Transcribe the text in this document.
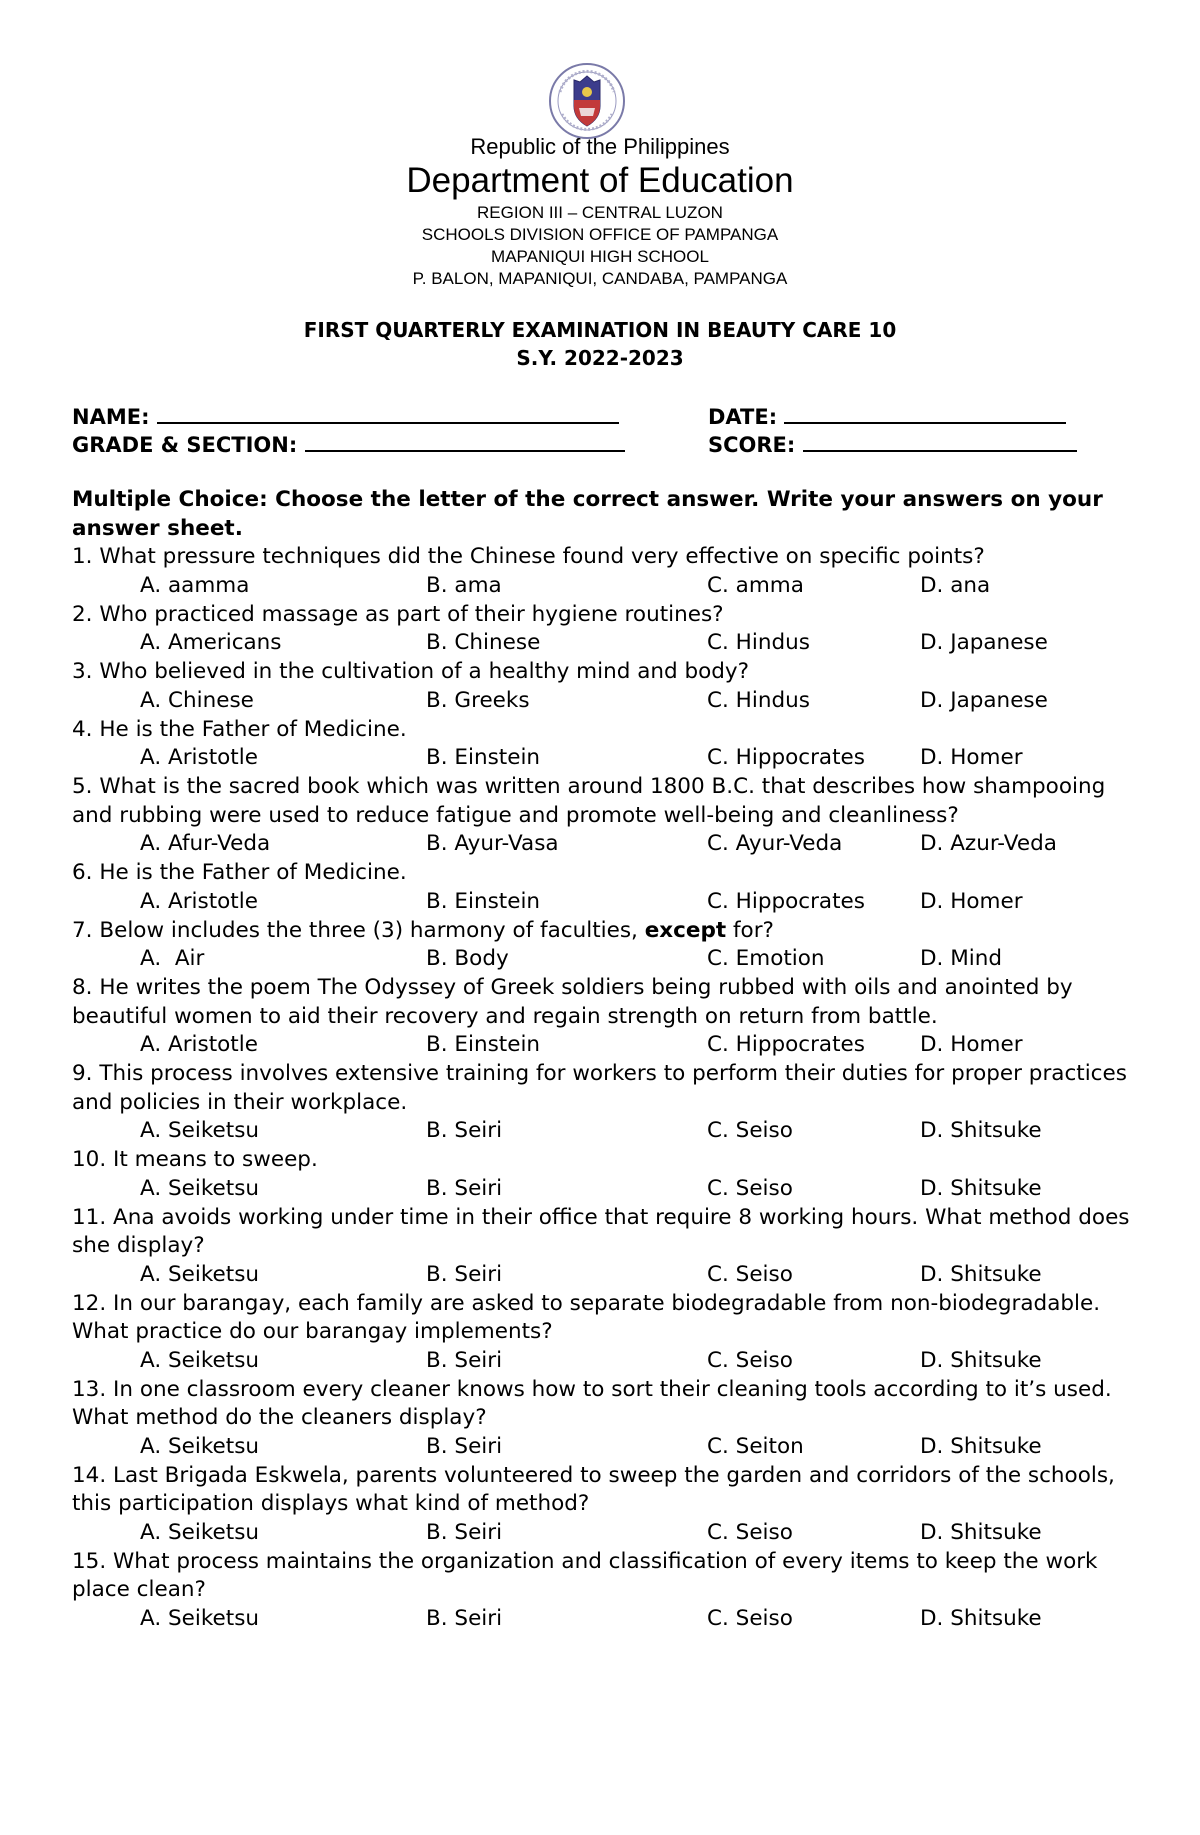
Republic of the Philippines
Department of Education
REGION III – CENTRAL LUZON
SCHOOLS DIVISION OFFICE OF PAMPANGA
MAPANIQUI HIGH SCHOOL
P. BALON, MAPANIQUI, CANDABA, PAMPANGA
FIRST QUARTERLY EXAMINATION IN BEAUTY CARE 10
S.Y. 2022-2023
NAME:	DATE:
GRADE & SECTION:	SCORE:
Multiple Choice: Choose the letter of the correct answer. Write your answers on your answer sheet.
1. What pressure techniques did the Chinese found very effective on specific points?
A. aamma	B. ama	C. amma	D. ana
2. Who practiced massage as part of their hygiene routines?
A. Americans	B. Chinese	C. Hindus	D. Japanese
3. Who believed in the cultivation of a healthy mind and body?
A. Chinese	B. Greeks	C. Hindus	D. Japanese
4. He is the Father of Medicine.
A. Aristotle	B. Einstein	C. Hippocrates	D. Homer
5. What is the sacred book which was written around 1800 B.C. that describes how shampooing and rubbing were used to reduce fatigue and promote well-being and cleanliness?
A. Afur-Veda	B. Ayur-Vasa	C. Ayur-Veda	D. Azur-Veda
6. He is the Father of Medicine.
A. Aristotle	B. Einstein	C. Hippocrates	D. Homer
7. Below includes the three (3) harmony of faculties, except for?
A.  Air	B. Body	C. Emotion	D. Mind
8. He writes the poem The Odyssey of Greek soldiers being rubbed with oils and anointed by beautiful women to aid their recovery and regain strength on return from battle.
A. Aristotle	B. Einstein	C. Hippocrates	D. Homer
9. This process involves extensive training for workers to perform their duties for proper practices and policies in their workplace.
A. Seiketsu	B. Seiri	C. Seiso	D. Shitsuke
10. It means to sweep.
A. Seiketsu	B. Seiri	C. Seiso	D. Shitsuke
11. Ana avoids working under time in their office that require 8 working hours. What method does she display?
A. Seiketsu	B. Seiri	C. Seiso	D. Shitsuke
12. In our barangay, each family are asked to separate biodegradable from non-biodegradable. What practice do our barangay implements?
A. Seiketsu	B. Seiri	C. Seiso	D. Shitsuke
13. In one classroom every cleaner knows how to sort their cleaning tools according to it’s used. What method do the cleaners display?
A. Seiketsu	B. Seiri	C. Seiton	D. Shitsuke
14. Last Brigada Eskwela, parents volunteered to sweep the garden and corridors of the schools, this participation displays what kind of method?
A. Seiketsu	B. Seiri	C. Seiso	D. Shitsuke
15. What process maintains the organization and classification of every items to keep the work place clean?
A. Seiketsu	B. Seiri	C. Seiso	D. Shitsuke
